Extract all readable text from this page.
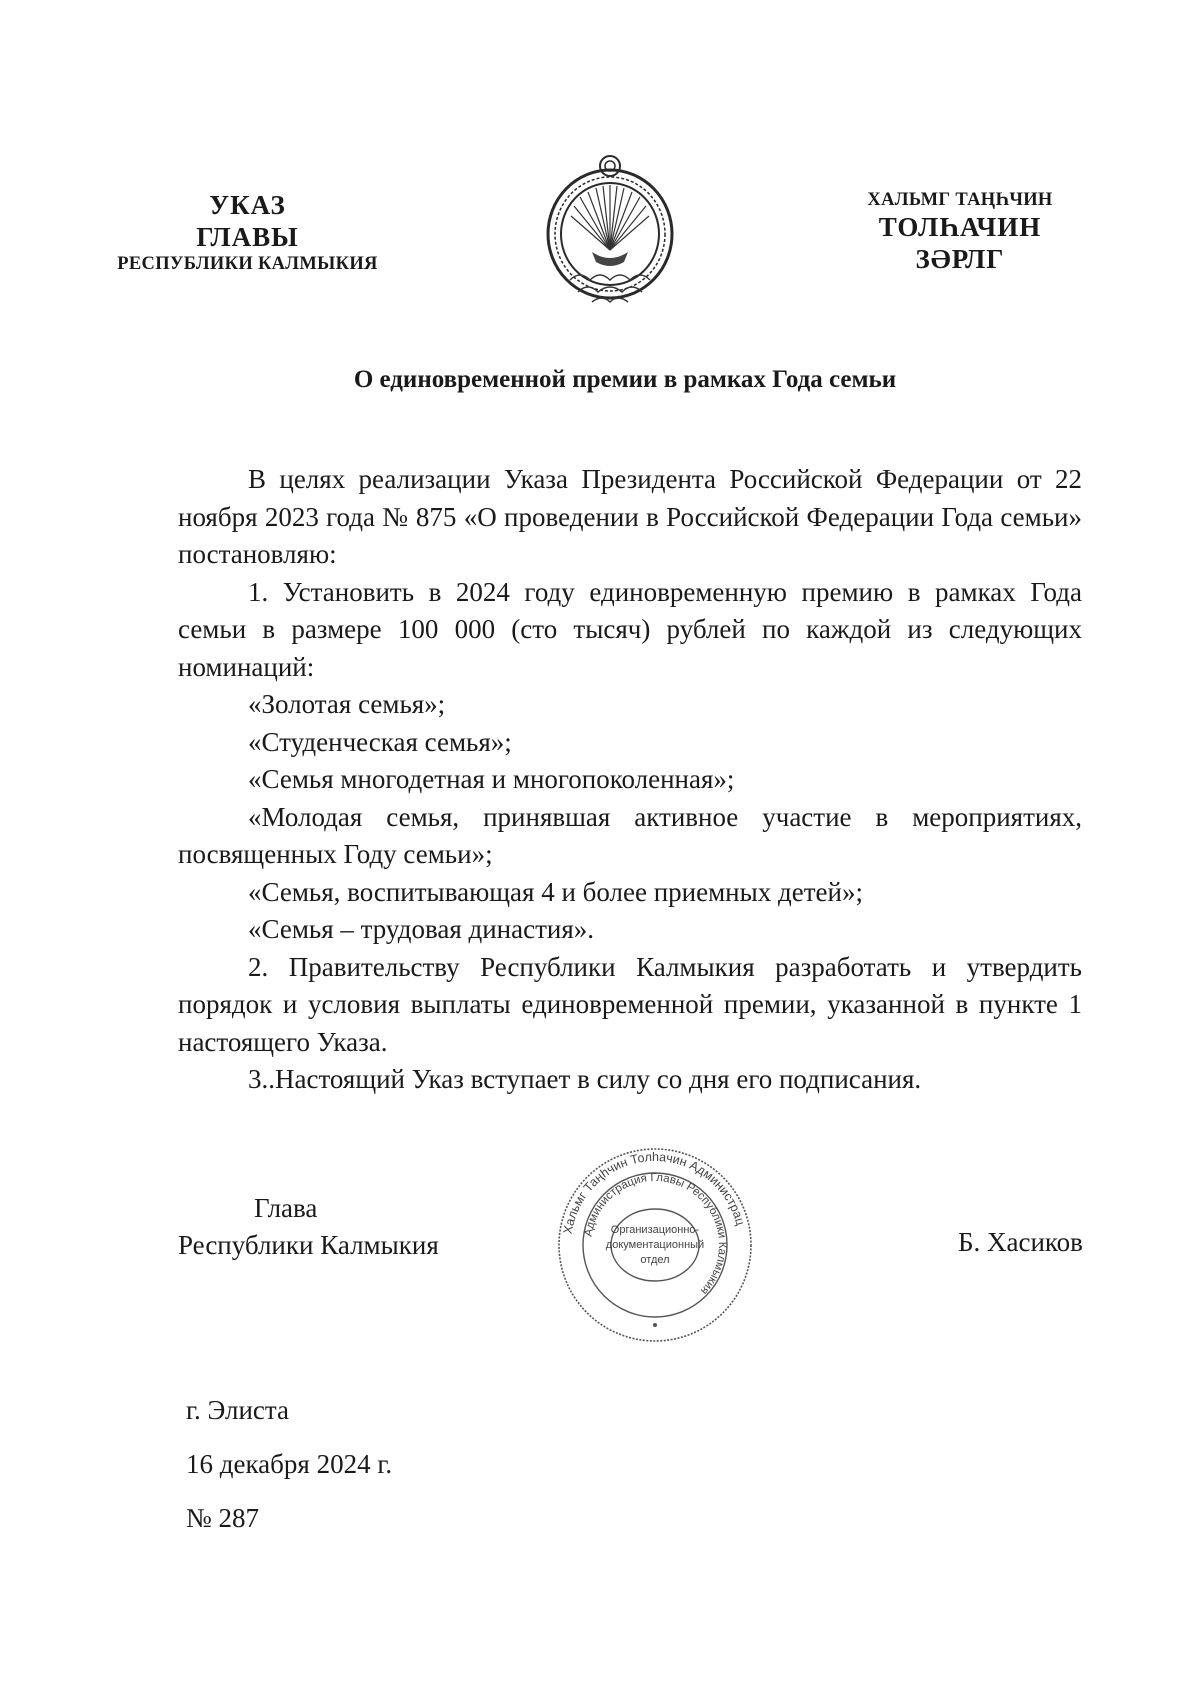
УКАЗ
ГЛАВЫ
РЕСПУБЛИКИ КАЛМЫКИЯ
ХАЛЬМГ ТАҢҺЧИН
ТОЛҺАЧИН
ЗӘРЛГ
О единовременной премии в рамках Года семьи

В целях реализации Указа Президента Российской Федерации от 22 ноября 2023 года № 875 «О проведении в Российской Федерации Года семьи» постановляю:

1. Установить в 2024 году единовременную премию в рамках Года семьи в размере 100 000 (сто тысяч) рублей по каждой из следующих номинаций:

«Золотая семья»;

«Студенческая семья»;

«Семья многодетная и многопоколенная»;

«Молодая семья, принявшая активное участие в мероприятиях, посвященных Году семьи»;

«Семья, воспитывающая 4 и более приемных детей»;

«Семья – трудовая династия».

2. Правительству Республики Калмыкия разработать и утвердить порядок и условия выплаты единовременной премии, указанной в пункте 1 настоящего Указа.

3..Настоящий Указ вступает в силу со дня его подписания.

Глава
Республики Калмыкия
Хальмг Таңһчин Толһачин Администрац
Администрация Главы Республики Калмыкия
Организационно-
документационный
отдел
Б. Хасиков
г. Элиста
16 декабря 2024 г.
№ 287
